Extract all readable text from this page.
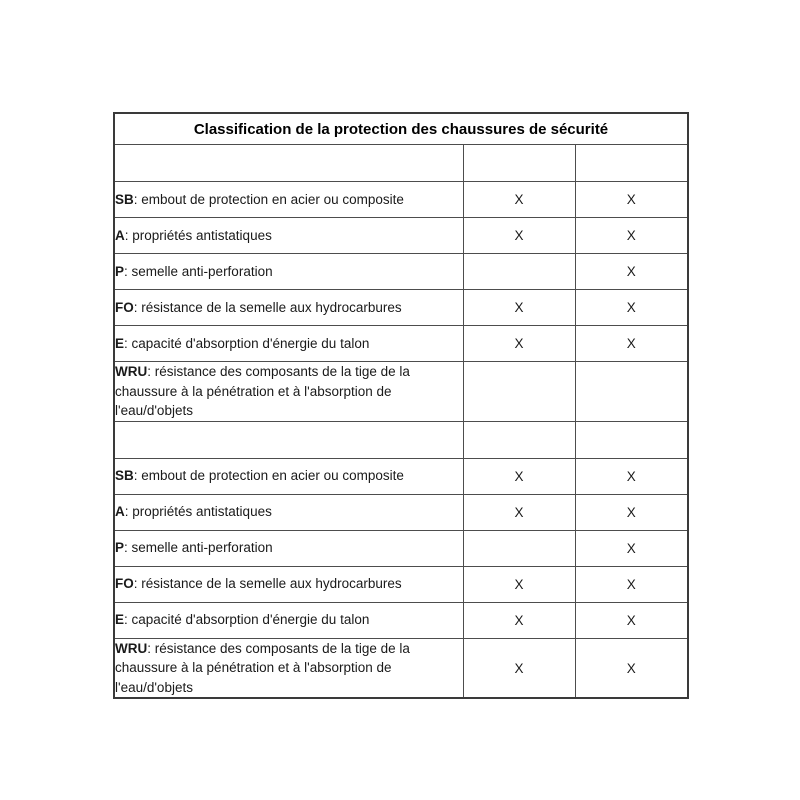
Classification de la protection des chaussures de sécurité		
Caractéristiques	S1	S1P
SB: embout de protection en acier ou composite	X	X
A: propriétés antistatiques	X	X
P: semelle anti-perforation		X
FO: résistance de la semelle aux hydrocarbures	X	X
E: capacité d'absorption d'énergie du talon	X	X
WRU: résistance des composants de la tige de la chaussure à la pénétration et à l'absorption de l'eau/d'objets		
Caractéristiques	S2	S3
SB: embout de protection en acier ou composite	X	X
A: propriétés antistatiques	X	X
P: semelle anti-perforation		X
FO: résistance de la semelle aux hydrocarbures	X	X
E: capacité d'absorption d'énergie du talon	X	X
WRU: résistance des composants de la tige de la chaussure à la pénétration et à l'absorption de l'eau/d'objets	X	X
